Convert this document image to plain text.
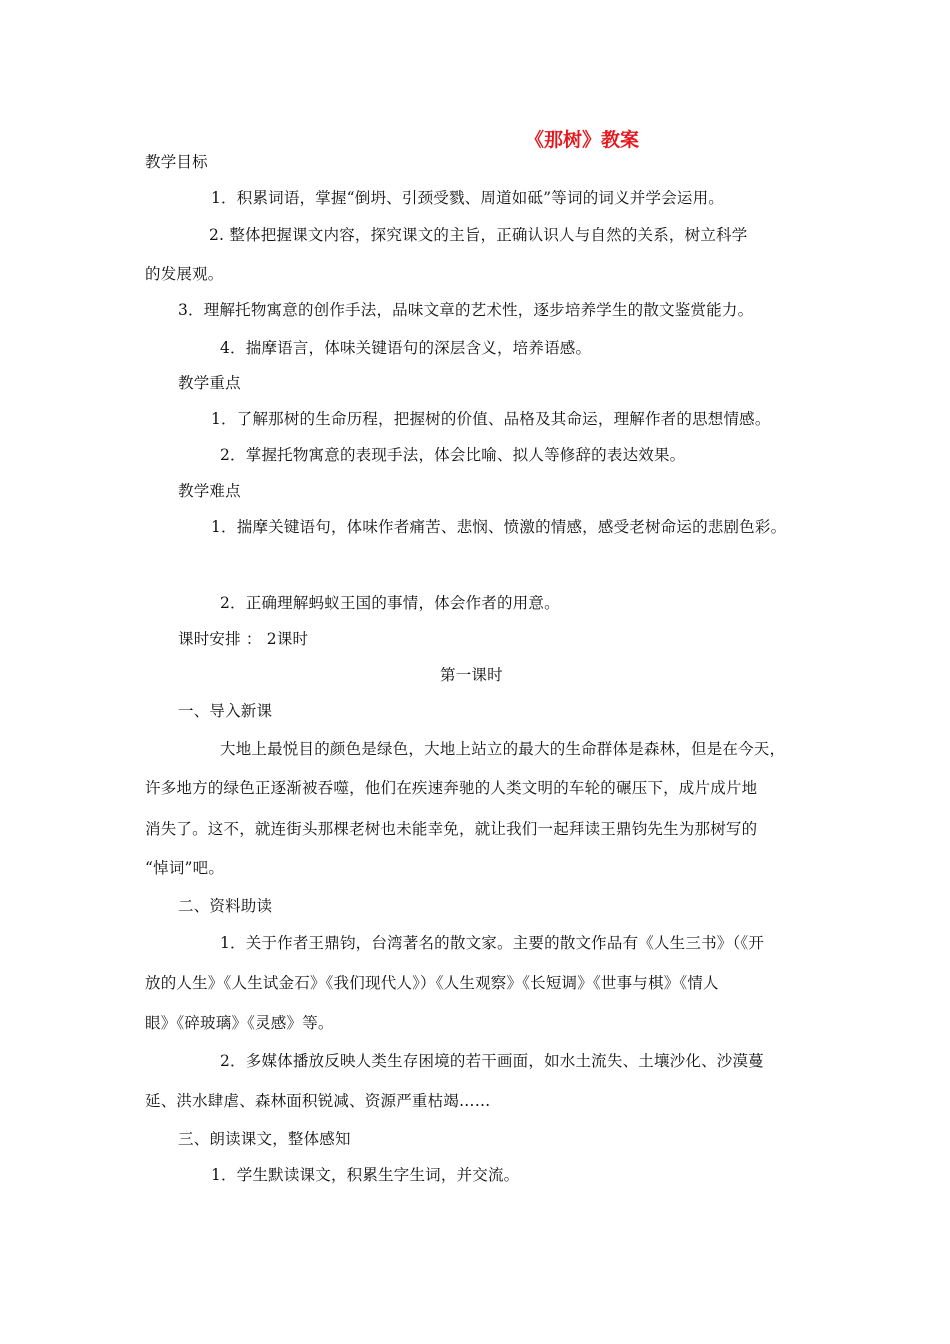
《那树》教案
教学目标
1．积累词语，掌握“倒坍、引颈受戮、周道如砥”等词的词义并学会运用。
2. 整体把握课文内容，探究课文的主旨，正确认识人与自然的关系，树立科学
的发展观。
3．理解托物寓意的创作手法，品味文章的艺术性，逐步培养学生的散文鉴赏能力。
4．揣摩语言，体味关键语句的深层含义，培养语感。
教学重点
1．了解那树的生命历程，把握树的价值、品格及其命运，理解作者的思想情感。
2．掌握托物寓意的表现手法，体会比喻、拟人等修辞的表达效果。
教学难点
1．揣摩关键语句，体味作者痛苦、悲悯、愤激的情感，感受老树命运的悲剧色彩。
2．正确理解蚂蚁王国的事情，体会作者的用意。
课时安排 ： 2课时
第一课时
一、导入新课
大地上最悦目的颜色是绿色，大地上站立的最大的生命群体是森林，但是在今天，
许多地方的绿色正逐渐被吞噬，他们在疾速奔驰的人类文明的车轮的碾压下，成片成片地
消失了。这不，就连街头那棵老树也未能幸免，就让我们一起拜读王鼎钧先生为那树写的
“悼词”吧。
二、资料助读
1．关于作者王鼎钧，台湾著名的散文家。主要的散文作品有《人生三书》（《开
放的人生》《人生试金石》《我们现代人》）《人生观察》《长短调》《世事与棋》《情人
眼》《碎玻璃》《灵感》等。
2．多媒体播放反映人类生存困境的若干画面，如水土流失、土壤沙化、沙漠蔓
延、洪水肆虐、森林面积锐减、资源严重枯竭……
三、朗读课文，整体感知
1．学生默读课文，积累生字生词，并交流。
